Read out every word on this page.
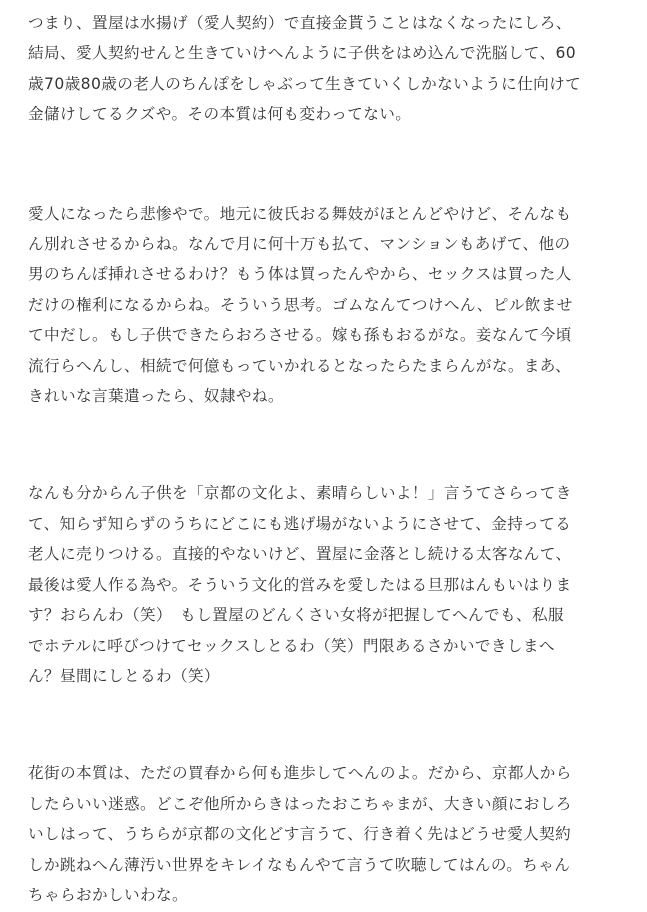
つまり、置屋は水揚げ（愛人契約）で直接金貰うことはなくなったにしろ、
結局、愛人契約せんと生きていけへんように子供をはめ込んで洗脳して、60
歳70歳80歳の老人のちんぽをしゃぶって生きていくしかないように仕向けて
金儲けしてるクズや。その本質は何も変わってない。

愛人になったら悲惨やで。地元に彼氏おる舞妓がほとんどやけど、そんなも
ん別れさせるからね。なんで月に何十万も払て、マンションもあげて、他の
男のちんぽ挿れさせるわけ？もう体は買ったんやから、セックスは買った人
だけの権利になるからね。そういう思考。ゴムなんてつけへん、ピル飲ませ
て中だし。もし子供できたらおろさせる。嫁も孫もおるがな。妾なんて今頃
流行らへんし、相続で何億もっていかれるとなったらたまらんがな。まあ、
きれいな言葉遣ったら、奴隷やね。

なんも分からん子供を「京都の文化よ、素晴らしいよ！」言うてさらってき
て、知らず知らずのうちにどこにも逃げ場がないようにさせて、金持ってる
老人に売りつける。直接的やないけど、置屋に金落とし続ける太客なんて、
最後は愛人作る為や。そういう文化的営みを愛したはる旦那はんもいはりま
す？おらんわ（笑）　もし置屋のどんくさい女将が把握してへんでも、私服
でホテルに呼びつけてセックスしとるわ（笑）門限あるさかいできしまへ
ん？昼間にしとるわ（笑）

花街の本質は、ただの買春から何も進歩してへんのよ。だから、京都人から
したらいい迷惑。どこぞ他所からきはったおこちゃまが、大きい顔におしろ
いしはって、うちらが京都の文化どす言うて、行き着く先はどうせ愛人契約
しか跳ねへん薄汚い世界をキレイなもんやて言うて吹聴してはんの。ちゃん
ちゃらおかしいわな。
